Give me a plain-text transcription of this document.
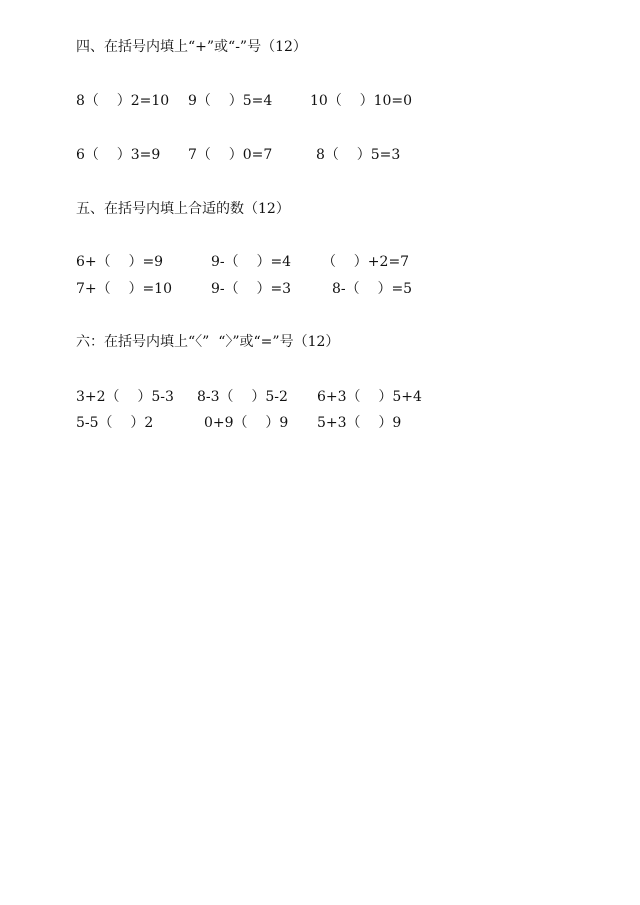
四、在括号内填上“+”或“-”号（12）
8（    ）2=10 9（    ）5=4	10（    ）10=0
6（    ）3=9 7（    ）0=7	8（    ）5=3
五、在括号内填上合适的数（12）
6+（    ）=9	9-（    ）=4 （    ）+2=7
7+（    ）=10	9-（    ）=3	8-（    ）=5
六：在括号内填上“〈”  “〉”或“=”号（12）
3+2（    ）5-3 8-3（    ）5-2 6+3（    ）5+4
5-5（    ）2	0+9（    ）9 5+3（    ）9
